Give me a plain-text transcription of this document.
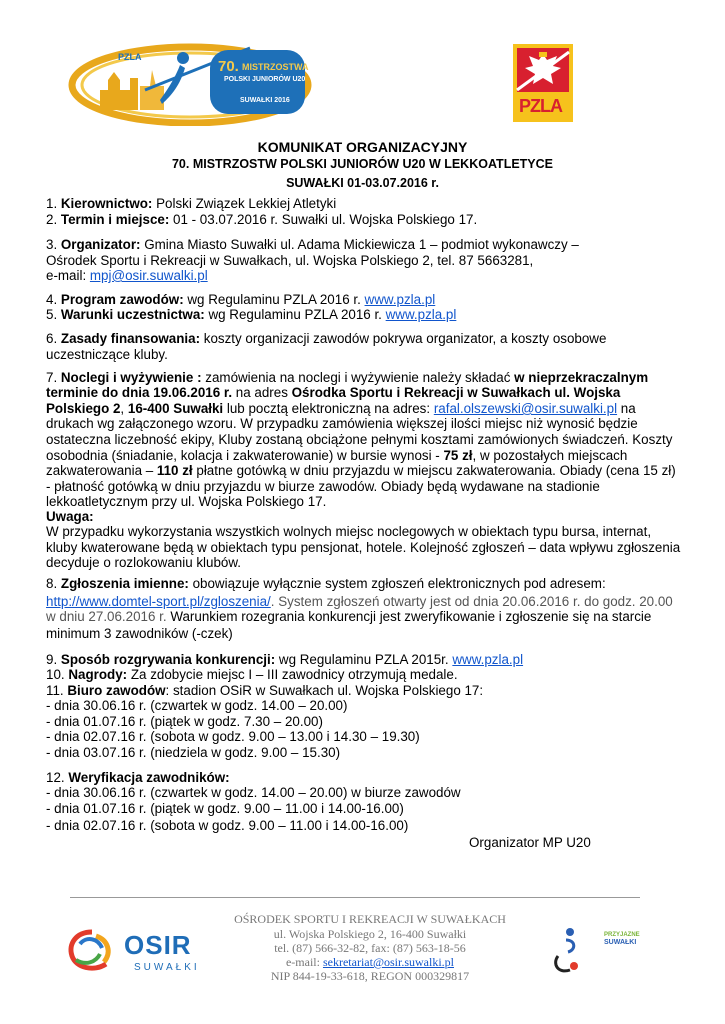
PZLA
70. MISTRZOSTWA
POLSKI JUNIORÓW U20
SUWAŁKI 2016	PZLA
KOMUNIKAT ORGANIZACYJNY
70. MISTRZOSTW POLSKI JUNIORÓW U20 W LEKKOATLETYCE
SUWAŁKI 01-03.07.2016 r.
1. Kierownictwo: Polski Związek Lekkiej Atletyki
2. Termin i miejsce: 01 - 03.07.2016 r. Suwałki ul. Wojska Polskiego 17.
3. Organizator: Gmina Miasto Suwałki ul. Adama Mickiewicza 1 – podmiot wykonawczy –
Ośrodek Sportu i Rekreacji w Suwałkach, ul. Wojska Polskiego 2, tel. 87 5663281,
e-mail: mpj@osir.suwalki.pl
4. Program zawodów: wg Regulaminu PZLA 2016 r. www.pzla.pl
5. Warunki uczestnictwa: wg Regulaminu PZLA 2016 r. www.pzla.pl
6. Zasady finansowania: koszty organizacji zawodów pokrywa organizator, a koszty osobowe
uczestniczące kluby.
7. Noclegi i wyżywienie : zamówienia na noclegi i wyżywienie należy składać w nieprzekraczalnym
terminie do dnia 19.06.2016 r. na adres Ośrodka Sportu i Rekreacji w Suwałkach ul. Wojska
Polskiego 2, 16-400 Suwałki lub pocztą elektroniczną na adres: rafal.olszewski@osir.suwalki.pl na
drukach wg załączonego wzoru. W przypadku zamówienia większej ilości miejsc niż wynosić będzie
ostateczna liczebność ekipy, Kluby zostaną obciążone pełnymi kosztami zamówionych świadczeń. Koszty
osobodnia (śniadanie, kolacja i zakwaterowanie) w bursie wynosi - 75 zł, w pozostałych miejscach
zakwaterowania – 110 zł płatne gotówką w dniu przyjazdu w miejscu zakwaterowania. Obiady (cena 15 zł)
- płatność gotówką w dniu przyjazdu w biurze zawodów. Obiady będą wydawane na stadionie
lekkoatletycznym przy ul. Wojska Polskiego 17.
Uwaga:
W przypadku wykorzystania wszystkich wolnych miejsc noclegowych w obiektach typu bursa, internat,
kluby kwaterowane będą w obiektach typu pensjonat, hotele. Kolejność zgłoszeń – data wpływu zgłoszenia
decyduje o rozlokowaniu klubów.
8. Zgłoszenia imienne: obowiązuje wyłącznie system zgłoszeń elektronicznych pod adresem:
http://www.domtel-sport.pl/zgloszenia/. System zgłoszeń otwarty jest od dnia 20.06.2016 r. do godz. 20.00
w dniu 27.06.2016 r. Warunkiem rozegrania konkurencji jest zweryfikowanie i zgłoszenie się na starcie
minimum 3 zawodników (-czek)
9. Sposób rozgrywania konkurencji: wg Regulaminu PZLA 2015r. www.pzla.pl
10. Nagrody: Za zdobycie miejsc I – III zawodnicy otrzymują medale.
11. Biuro zawodów: stadion OSiR w Suwałkach ul. Wojska Polskiego 17:
- dnia 30.06.16 r. (czwartek w godz. 14.00 – 20.00)
- dnia 01.07.16 r. (piątek w godz. 7.30 – 20.00)
- dnia 02.07.16 r. (sobota w godz. 9.00 – 13.00 i 14.30 – 19.30)
- dnia 03.07.16 r. (niedziela w godz. 9.00 – 15.30)
12. Weryfikacja zawodników:
- dnia 30.06.16 r. (czwartek w godz. 14.00 – 20.00) w biurze zawodów
- dnia 01.07.16 r. (piątek w godz. 9.00 – 11.00 i 14.00-16.00)
- dnia 02.07.16 r. (sobota w godz. 9.00 – 11.00 i 14.00-16.00)
Organizator MP U20
OSIR
SUWAŁKI
OŚRODEK SPORTU I REKREACJI W SUWAŁKACH
ul. Wojska Polskiego 2, 16-400 Suwałki
tel. (87) 566-32-82, fax: (87) 563-18-56
e-mail: sekretariat@osir.suwalki.pl
NIP 844-19-33-618, REGON 000329817
PRZYJAZNE
SUWAŁKI
